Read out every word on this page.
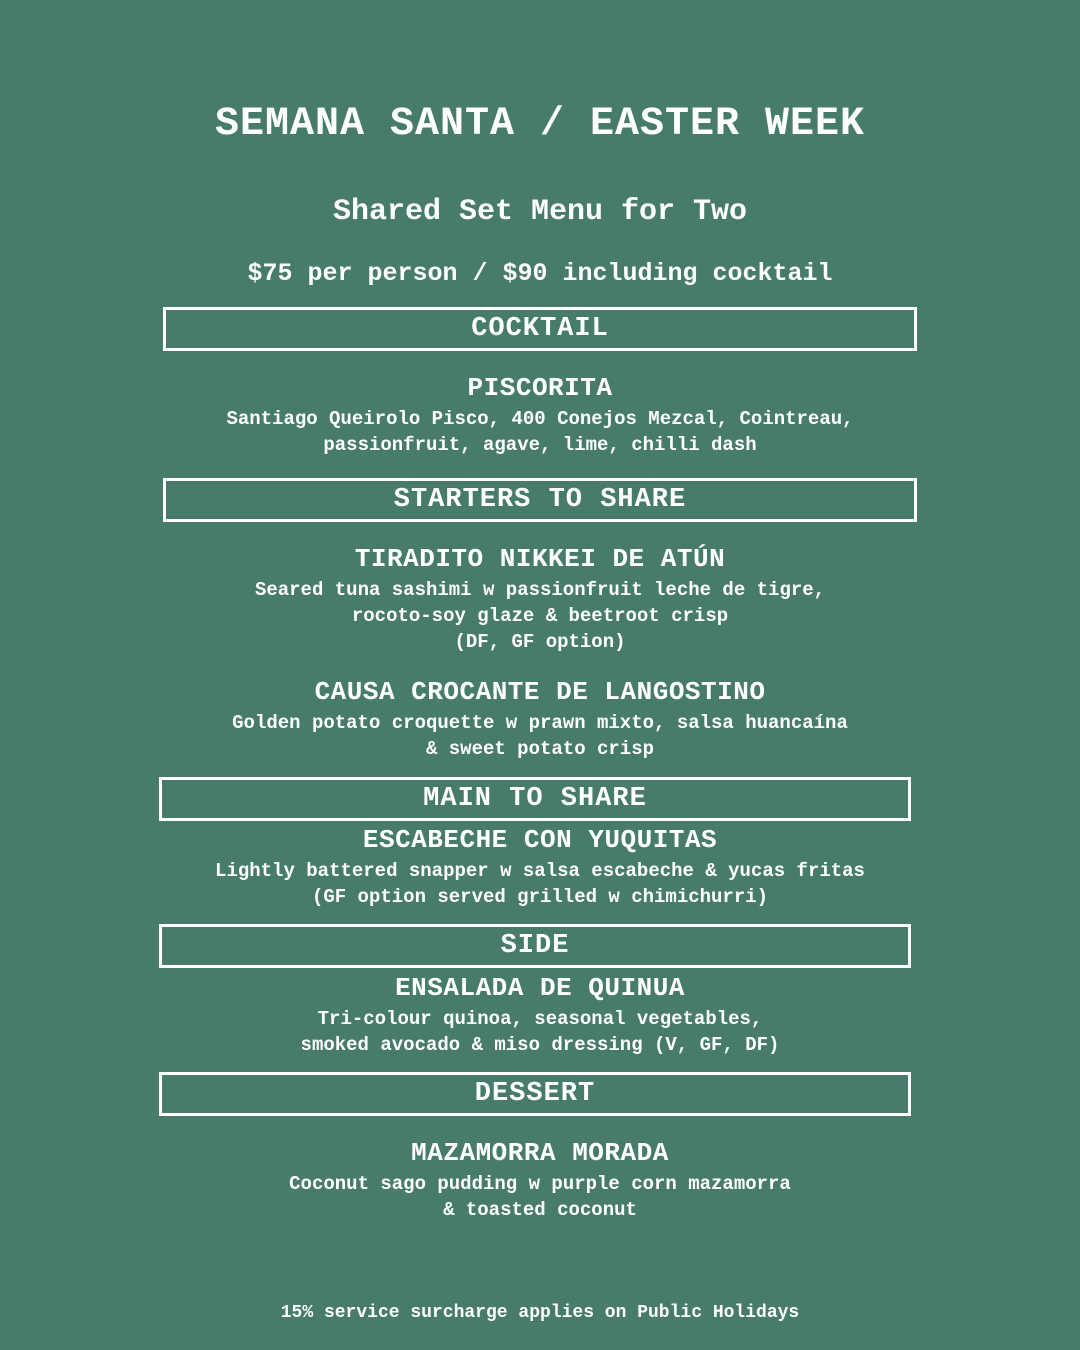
SEMANA SANTA / EASTER WEEK
Shared Set Menu for Two
$75 per person / $90 including cocktail
COCKTAIL
PISCORITA
Santiago Queirolo Pisco, 400 Conejos Mezcal, Cointreau,
passionfruit, agave, lime, chilli dash
STARTERS TO SHARE
TIRADITO NIKKEI DE ATÚN
Seared tuna sashimi w passionfruit leche de tigre,
rocoto-soy glaze & beetroot crisp
(DF, GF option)
CAUSA CROCANTE DE LANGOSTINO
Golden potato croquette w prawn mixto, salsa huancaína
& sweet potato crisp
MAIN TO SHARE
ESCABECHE CON YUQUITAS
Lightly battered snapper w salsa escabeche & yucas fritas
(GF option served grilled w chimichurri)
SIDE
ENSALADA DE QUINUA
Tri-colour quinoa, seasonal vegetables,
smoked avocado & miso dressing (V, GF, DF)
DESSERT
MAZAMORRA MORADA
Coconut sago pudding w purple corn mazamorra
& toasted coconut
15% service surcharge applies on Public Holidays
